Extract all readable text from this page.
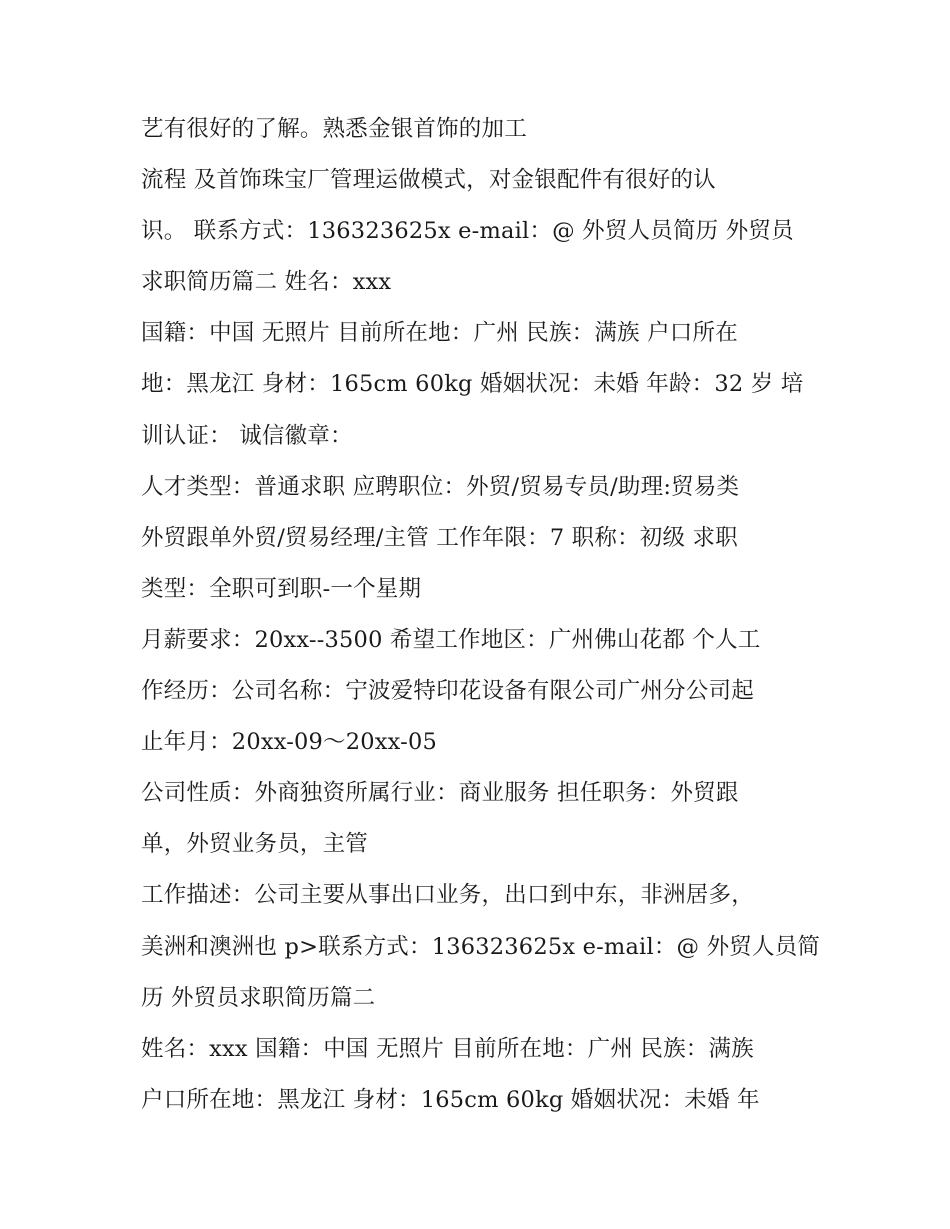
艺有很好的了解。熟悉金银首饰的加工
流程 及首饰珠宝厂管理运做模式，对金银配件有很好的认
识。 联系方式：136323625x e-mail：@ 外贸人员简历 外贸员
求职简历篇二 姓名：xxx
国籍：中国 无照片 目前所在地：广州 民族：满族 户口所在
地：黑龙江 身材：165cm 60kg 婚姻状况：未婚 年龄：32 岁 培
训认证： 诚信徽章：
人才类型：普通求职 应聘职位：外贸/贸易专员/助理:贸易类
外贸跟单外贸/贸易经理/主管 工作年限：7 职称：初级 求职
类型：全职可到职-一个星期
月薪要求：20xx--3500 希望工作地区：广州佛山花都 个人工
作经历：公司名称：宁波爱特印花设备有限公司广州分公司起
止年月：20xx-09～20xx-05
公司性质：外商独资所属行业：商业服务 担任职务：外贸跟
单，外贸业务员，主管
工作描述：公司主要从事出口业务，出口到中东，非洲居多，
美洲和澳洲也 p>联系方式：136323625x e-mail：@ 外贸人员简
历 外贸员求职简历篇二
姓名：xxx 国籍：中国 无照片 目前所在地：广州 民族：满族
户口所在地：黑龙江 身材：165cm 60kg 婚姻状况：未婚 年
